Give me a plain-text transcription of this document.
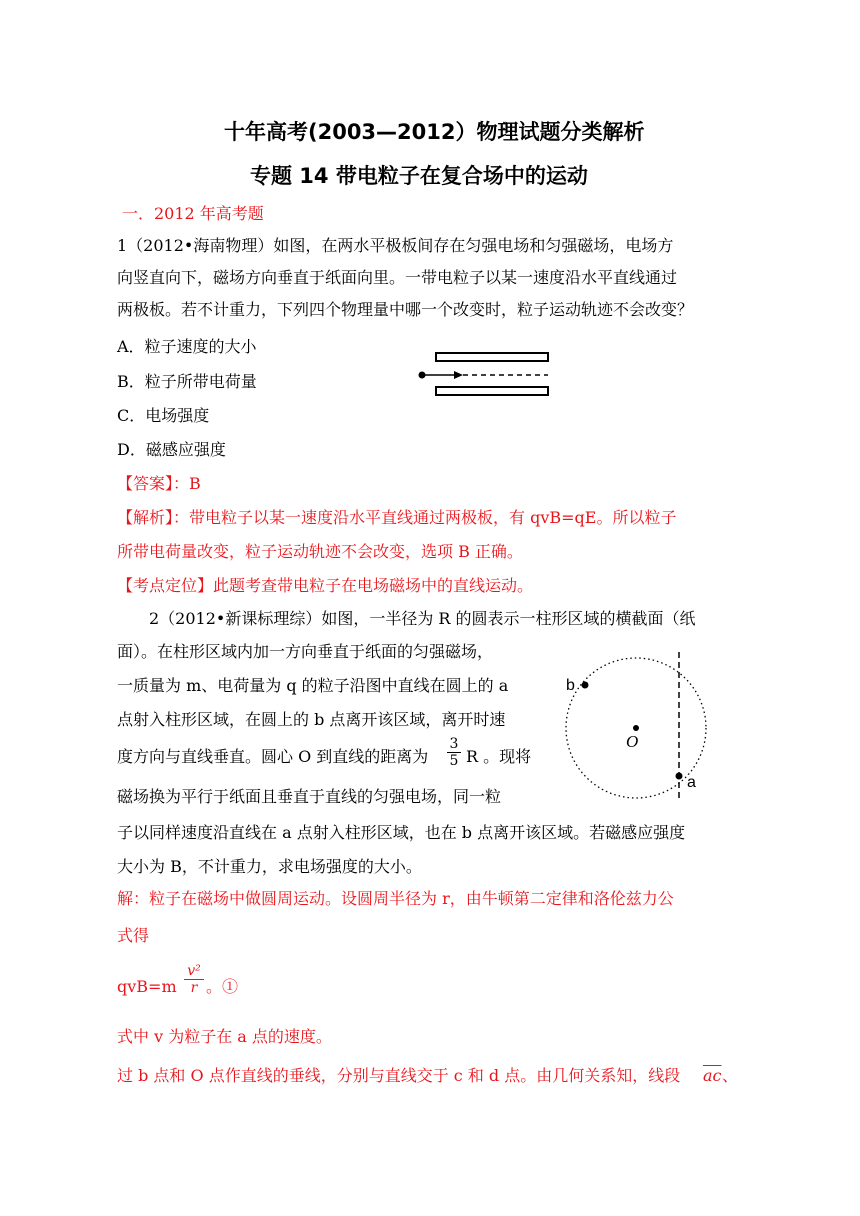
十年高考(2003—2012）物理试题分类解析
专题 14 带电粒子在复合场中的运动
一．2012 年高考题
1（2012•海南物理）如图，在两水平极板间存在匀强电场和匀强磁场，电场方
向竖直向下，磁场方向垂直于纸面向里。一带电粒子以某一速度沿水平直线通过
两极板。若不计重力，下列四个物理量中哪一个改变时，粒子运动轨迹不会改变？
A．粒子速度的大小
B．粒子所带电荷量
C．电场强度
D．磁感应强度
【答案】：B
【解析】：带电粒子以某一速度沿水平直线通过两极板，有 qvB=qE。所以粒子
所带电荷量改变，粒子运动轨迹不会改变，选项 B 正确。
【考点定位】此题考查带电粒子在电场磁场中的直线运动。
2（2012•新课标理综）如图，一半径为 R 的圆表示一柱形区域的横截面（纸
面）。在柱形区域内加一方向垂直于纸面的匀强磁场，
一质量为 m、电荷量为 q 的粒子沿图中直线在圆上的 a
点射入柱形区域，在圆上的 b 点离开该区域，离开时速
度方向与直线垂直。圆心 O 到直线的距离为
3
5 R 。现将
磁场换为平行于纸面且垂直于直线的匀强电场，同一粒
子以同样速度沿直线在 a 点射入柱形区域，也在 b 点离开该区域。若磁感应强度
大小为 B，不计重力，求电场强度的大小。
b
O
a
解：粒子在磁场中做圆周运动。设圆周半径为 r，由牛顿第二定律和洛伦兹力公
式得
qvB=m
v²
r 。①
式中 v 为粒子在 a 点的速度。
过 b 点和 O 点作直线的垂线，分别与直线交于 c 和 d 点。由几何关系知，线段 $\overline{ac}$ 、
